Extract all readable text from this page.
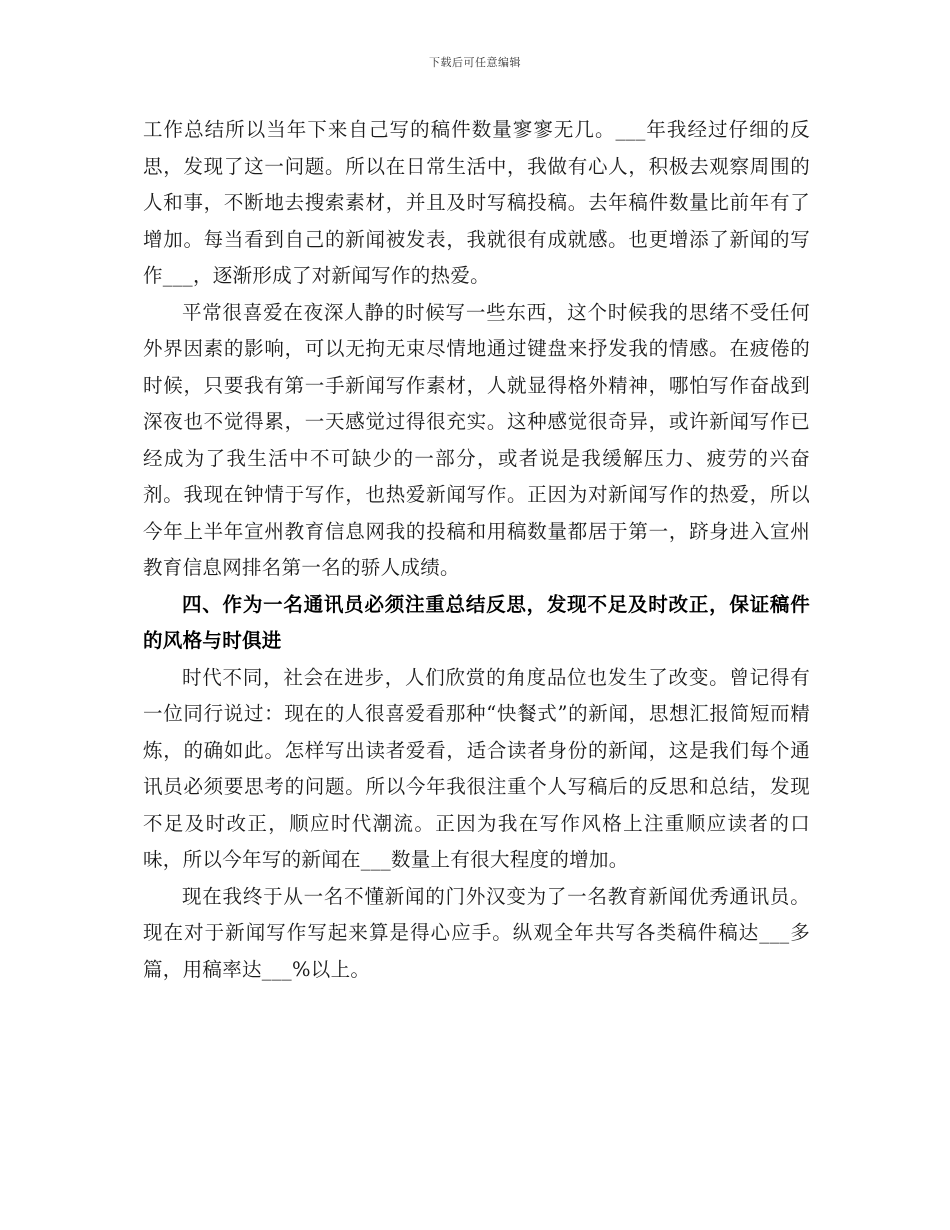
下载后可任意编辑

工作总结所以当年下来自己写的稿件数量寥寥无几。___年我经过仔细的反思，发现了这一问题。所以在日常生活中，我做有心人，积极去观察周围的人和事，不断地去搜索素材，并且及时写稿投稿。去年稿件数量比前年有了增加。每当看到自己的新闻被发表，我就很有成就感。也更增添了新闻的写作___，逐渐形成了对新闻写作的热爱。

平常很喜爱在夜深人静的时候写一些东西，这个时候我的思绪不受任何外界因素的影响，可以无拘无束尽情地通过键盘来抒发我的情感。在疲倦的时候，只要我有第一手新闻写作素材，人就显得格外精神，哪怕写作奋战到深夜也不觉得累，一天感觉过得很充实。这种感觉很奇异，或许新闻写作已经成为了我生活中不可缺少的一部分，或者说是我缓解压力、疲劳的兴奋剂。我现在钟情于写作，也热爱新闻写作。正因为对新闻写作的热爱，所以今年上半年宣州教育信息网我的投稿和用稿数量都居于第一，跻身进入宣州教育信息网排名第一名的骄人成绩。

四、作为一名通讯员必须注重总结反思，发现不足及时改正，保证稿件的风格与时俱进

时代不同，社会在进步，人们欣赏的角度品位也发生了改变。曾记得有一位同行说过：现在的人很喜爱看那种“快餐式”的新闻，思想汇报简短而精炼，的确如此。怎样写出读者爱看，适合读者身份的新闻，这是我们每个通讯员必须要思考的问题。所以今年我很注重个人写稿后的反思和总结，发现不足及时改正，顺应时代潮流。正因为我在写作风格上注重顺应读者的口味，所以今年写的新闻在___数量上有很大程度的增加。

现在我终于从一名不懂新闻的门外汉变为了一名教育新闻优秀通讯员。现在对于新闻写作写起来算是得心应手。纵观全年共写各类稿件稿达___多篇，用稿率达___%以上。
